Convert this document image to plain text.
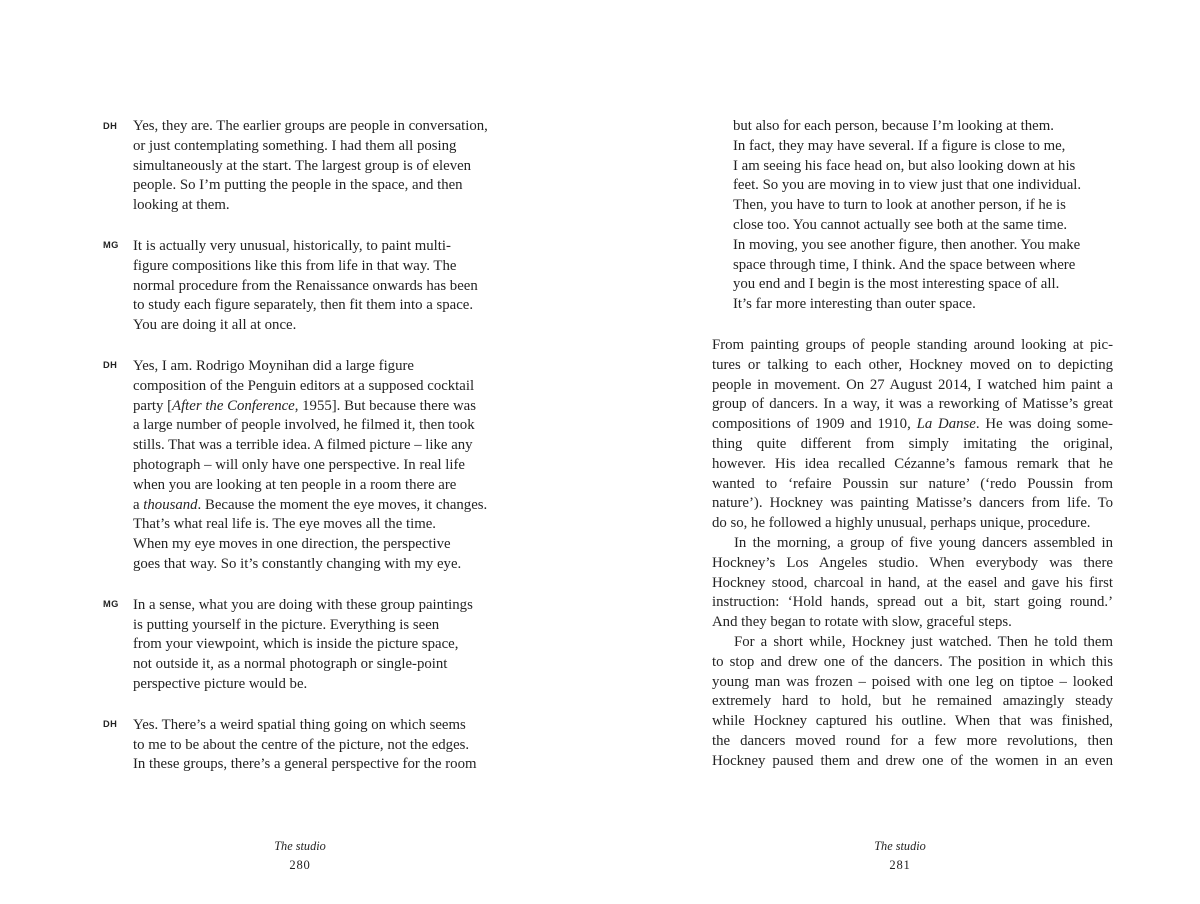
DH Yes, they are. The earlier groups are people in conversation,
or just contemplating something. I had them all posing
simultaneously at the start. The largest group is of eleven
people. So I’m putting the people in the space, and then
looking at them.
MG It is actually very unusual, historically, to paint multi-
figure compositions like this from life in that way. The
normal procedure from the Renaissance onwards has been
to study each figure separately, then fit them into a space.
You are doing it all at once.
DH Yes, I am. Rodrigo Moynihan did a large figure
composition of the Penguin editors at a supposed cocktail
party [After the Conference, 1955]. But because there was
a large number of people involved, he filmed it, then took
stills. That was a terrible idea. A filmed picture – like any
photograph – will only have one perspective. In real life
when you are looking at ten people in a room there are
a thousand. Because the moment the eye moves, it changes.
That’s what real life is. The eye moves all the time.
When my eye moves in one direction, the perspective
goes that way. So it’s constantly changing with my eye.
MG In a sense, what you are doing with these group paintings
is putting yourself in the picture. Everything is seen
from your viewpoint, which is inside the picture space,
not outside it, as a normal photograph or single-point
perspective picture would be.
DH Yes. There’s a weird spatial thing going on which seems
to me to be about the centre of the picture, not the edges.
In these groups, there’s a general perspective for the room
but also for each person, because I’m looking at them.
In fact, they may have several. If a figure is close to me,
I am seeing his face head on, but also looking down at his
feet. So you are moving in to view just that one individual.
Then, you have to turn to look at another person, if he is
close too. You cannot actually see both at the same time.
In moving, you see another figure, then another. You make
space through time, I think. And the space between where
you end and I begin is the most interesting space of all.
It’s far more interesting than outer space.
From painting groups of people standing around looking at pic-
tures or talking to each other, Hockney moved on to depicting
people in movement. On 27 August 2014, I watched him paint a
group of dancers. In a way, it was a reworking of Matisse’s great
compositions of 1909 and 1910, La Danse. He was doing some-
thing quite different from simply imitating the original,
however. His idea recalled Cézanne’s famous remark that he
wanted to ‘refaire Poussin sur nature’ (‘redo Poussin from
nature’). Hockney was painting Matisse’s dancers from life. To
do so, he followed a highly unusual, perhaps unique, procedure.
In the morning, a group of five young dancers assembled in
Hockney’s Los Angeles studio. When everybody was there
Hockney stood, charcoal in hand, at the easel and gave his first
instruction: ‘Hold hands, spread out a bit, start going round.’
And they began to rotate with slow, graceful steps.
For a short while, Hockney just watched. Then he told them
to stop and drew one of the dancers. The position in which this
young man was frozen – poised with one leg on tiptoe – looked
extremely hard to hold, but he remained amazingly steady
while Hockney captured his outline. When that was finished,
the dancers moved round for a few more revolutions, then
Hockney paused them and drew one of the women in an even
The studio
280
The studio
281
